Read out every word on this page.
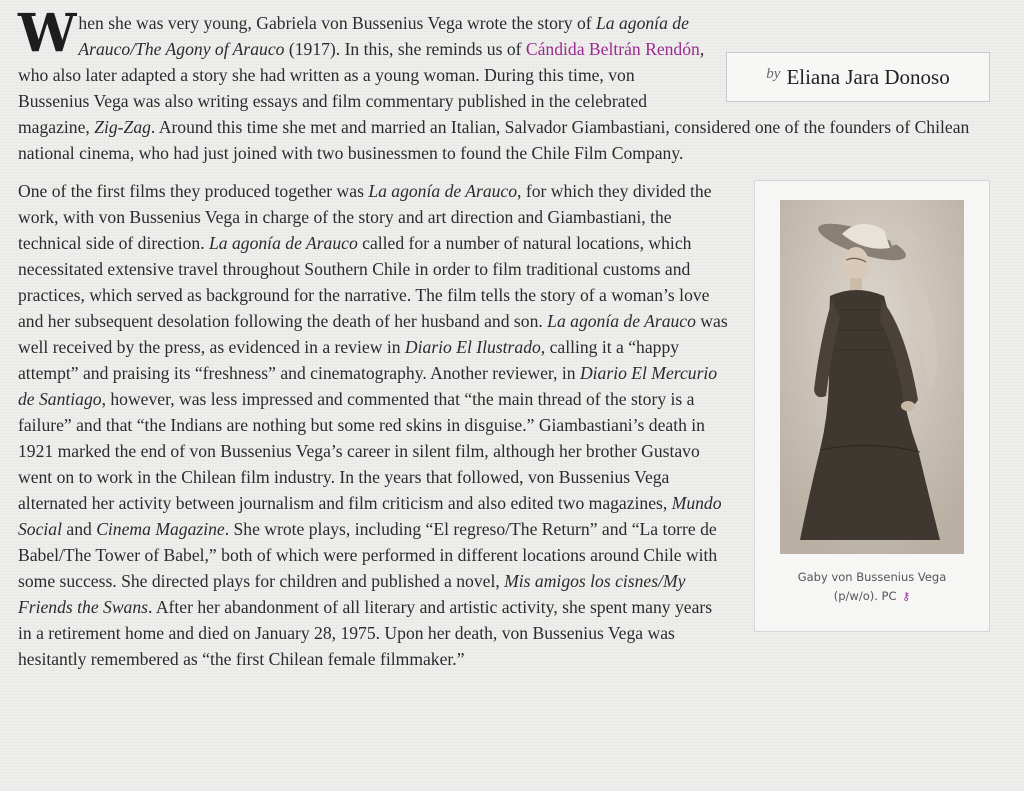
W
by Eliana Jara Donoso
hen she was very young, Gabriela von Bussenius Vega wrote the story of La agonía de Arauco/The Agony of Arauco (1917). In this, she reminds us of Cándida Beltrán Rendón, who also later adapted a story she had written as a young woman. During this time, von Bussenius Vega was also writing essays and film commentary published in the celebrated magazine, Zig-Zag. Around this time she met and married an Italian, Salvador Giambastiani, considered one of the founders of Chilean national cinema, who had just joined with two businessmen to found the Chile Film Company.

Gaby von Bussenius Vega
(p/w/o). PC ⚷
One of the first films they produced together was La agonía de Arauco, for which they divided the work, with von Bussenius Vega in charge of the story and art direction and Giambastiani, the technical side of direction. La agonía de Arauco called for a number of natural locations, which necessitated extensive travel throughout Southern Chile in order to film traditional customs and practices, which served as background for the narrative. The film tells the story of a woman’s love and her subsequent desolation following the death of her husband and son. La agonía de Arauco was well received by the press, as evidenced in a review in Diario El Ilustrado, calling it a “happy attempt” and praising its “freshness” and cinematography. Another reviewer, in Diario El Mercurio de Santiago, however, was less impressed and commented that “the main thread of the story is a failure” and that “the Indians are nothing but some red skins in disguise.” Giambastiani’s death in 1921 marked the end of von Bussenius Vega’s career in silent film, although her brother Gustavo went on to work in the Chilean film industry. In the years that followed, von Bussenius Vega alternated her activity between journalism and film criticism and also edited two magazines, Mundo Social and Cinema Magazine. She wrote plays, including “El regreso/The Return” and “La torre de Babel/The Tower of Babel,” both of which were performed in different locations around Chile with some success. She directed plays for children and published a novel, Mis amigos los cisnes/My Friends the Swans. After her abandonment of all literary and artistic activity, she spent many years in a retirement home and died on January 28, 1975. Upon her death, von Bussenius Vega was hesitantly remembered as “the first Chilean female filmmaker.”
